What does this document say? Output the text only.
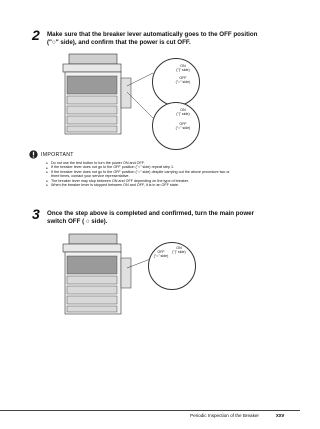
2 Make sure that the breaker lever automatically goes to the OFF position
("○" side), and confirm that the power is cut OFF.
ON
("|" side)
OFF
("○" side)
ON
("|" side)
OFF
("○" side)
IMPORTANT
● Do not use the test button to turn the power ON and OFF.
● If the breaker lever does not go to the OFF position ("○" side) repeat step 1.
● If the breaker lever does not go to the OFF position ("○" side) despite carrying out the above procedure two or
three times, contact your service representative.
● The breaker lever may stop between ON and OFF depending on the type of breaker.
● When the breaker lever is stopped between ON and OFF, it is in an OFF state.
3 Once the step above is completed and confirmed, turn the main power
switch OFF ( ○ side).
OFF
("○" side)
ON
("|" side)
Periodic Inspection of the Breaker	xxv
